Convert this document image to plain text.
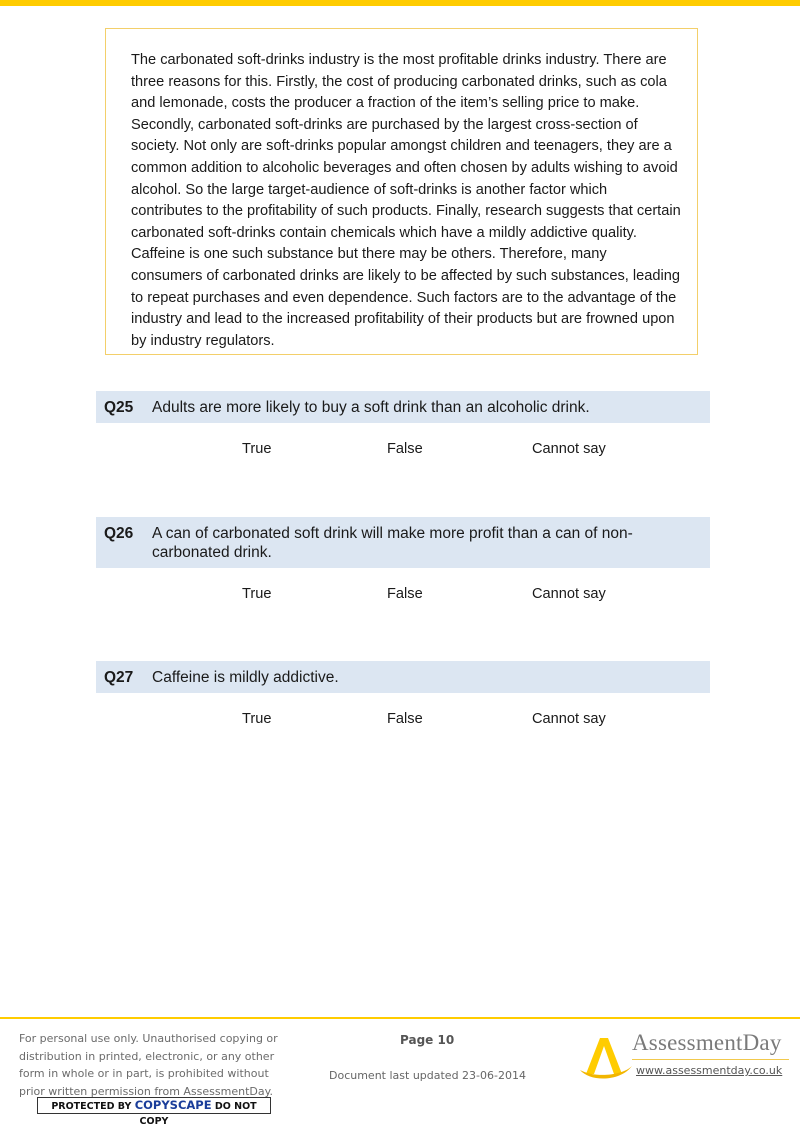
The carbonated soft-drinks industry is the most profitable drinks industry. There are three reasons for this. Firstly, the cost of producing carbonated drinks, such as cola and lemonade, costs the producer a fraction of the item’s selling price to make. Secondly, carbonated soft-drinks are purchased by the largest cross-section of society. Not only are soft-drinks popular amongst children and teenagers, they are a common addition to alcoholic beverages and often chosen by adults wishing to avoid alcohol. So the large target-audience of soft-drinks is another factor which contributes to the profitability of such products. Finally, research suggests that certain carbonated soft-drinks contain chemicals which have a mildly addictive quality. Caffeine is one such substance but there may be others. Therefore, many consumers of carbonated drinks are likely to be affected by such substances, leading to repeat purchases and even dependence. Such factors are to the advantage of the industry and lead to the increased profitability of their products but are frowned upon by industry regulators.

Q25	Adults are more likely to buy a soft drink than an alcoholic drink.
True	False	Cannot say
Q26	A can of carbonated soft drink will make more profit than a can of non-carbonated drink.
True	False	Cannot say
Q27	Caffeine is mildly addictive.
True	False	Cannot say
For personal use only. Unauthorised copying or distribution in printed, electronic, or any other form in whole or in part, is prohibited without prior written permission from AssessmentDay.
PROTECTED BY COPYSCAPE DO NOT COPY
Page 10
Document last updated 23-06-2014
AssessmentDay
www.assessmentday.co.uk
